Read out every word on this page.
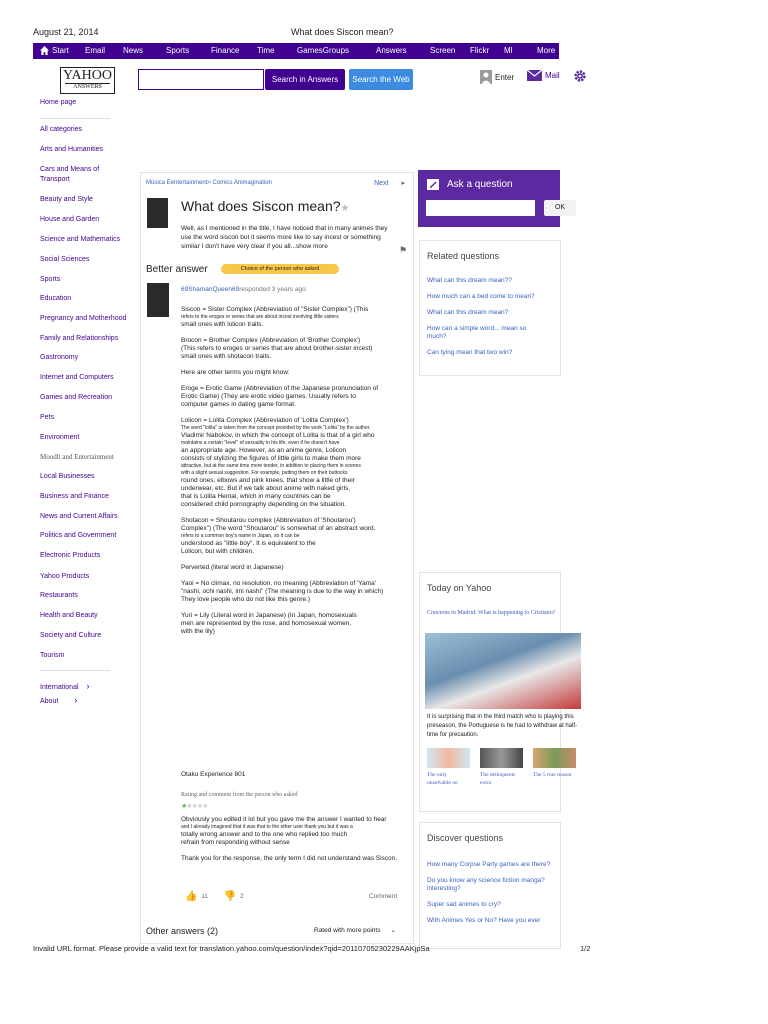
August 21, 2014	What does Siscon mean?
Start Email News	Sports	Finance Time	GamesGroups	Answers	Screen Flickr Ml	More
YAHOO
ANSWERS
Search in Answers	Search the Web	Enter	Mail
Home page
All categories
Arts and Humanities
Cars and Means of Transport
Beauty and Style
House and Garden
Science and Mathematics
Social Sciences
Sports
Education
Pregnancy and Motherhood
Family and Relationships
Gastronomy
Internet and Computers
Games and Recreation
Pets
Environment
Moodlt and Entertainment
Local Businesses
Business and Finance
News and Current Affairs
Politics and Government
Electronic Products
Yahoo Products
Restaurants
Health and Beauty
Society and Culture
Tourism
International ›
About ›
Música Eentertainment> Comics Animagination	Next ▸
What does Siscon mean?★
Well, as I mentioned in the title, I have noticed that in many animes they use the word siscon but it seems more like to say incest or something similar I don't have very clear if you all...show more	⚑
Better answer	Choice of the person who asked
69ShamanQueen69responded 3 years ago

Siscon = Sister Complex (Abbreviation of "Sister Complex") (This
refers to the eroges or series that are about incest involving little sisters
small ones with lolicon traits.

Brocon = Brother Complex (Abbreviation of 'Brother Complex')
(This refers to eroges or series that are about brother-sister incest)
small ones with shotacon traits.

Here are other terms you might know:

Eroge = Erotic Game (Abbreviation of the Japanese pronunciation of
Erotic Game) (They are erotic video games. Usually refers to
computer games in dating game format.

Lolicon = Lolita Complex (Abbreviation of 'Lolita Complex')
The word "lolita" is taken from the concept provided by the work "Lolita" by the author.
Vladimir Nabokov, in which the concept of Lolita is that of a girl who
maintains a certain "level" of sexuality in his life, even if he doesn't have
an appropriate age. However, as an anime genre, Lolicon
consists of stylizing the figures of little girls to make them more
attractive, but at the same time more tender, in addition to placing them in scenes
with a slight sexual suggestion. For example, putting them on their buttocks
round ones, elbows and pink knees, that show a little of their
underwear, etc. But if we talk about anime with naked girls,
that is Lolita Hentai, which in many countries can be
considered child pornography depending on the situation.

Shotacon = Shoutarou complex (Abbreviation of 'Shoutarou')
Complex") (The word "Shoutarou" is somewhat of an abstract word.
refers to a common boy's name in Japan, so it can be
understood as "little boy". It is equivalent to the
Lolicon, but with children.

Perverted (literal word in Japanese)

Yaoi = No climax, no resolution, no meaning (Abbreviation of 'Yama'
"nashi, ochi nashi, imi nashi" (The meaning is due to the way in which)
They love people who do not like this genre.)

Yuri = Lily (Literal word in Japanese) (In Japan, homosexuals
men are represented by the rose, and homosexual women,
with the lily)

Otaku Experience 801
Rating and comment from the person who asked
★★★★★

Obviously you edited it lol but you gave me the answer I wanted to hear
and I already imagined that it was that to the other user thank you but it was a
totally wrong answer and to the one who replied too much
refrain from responding without sense

Thank you for the response, the only term I did not understand was Siscon.

👍 11 👎 2	Comment
Other answers (2)	Rated with more points ⌄
Ask a question
OK
Related questions
What can this dream mean??
How much can a bed come to mean?
What can this dream mean?
How can a simple word... mean so much?
Can tying mean that two win?
Today on Yahoo
Concerns in Madrid: What is happening to Cristiano?
It is surprising that in the third match who is playing this preseason, the Portuguese is he had to withdraw at half-time for precaution.
The only unsolvable no
The delinquents extra
The 5 true reason
Discover questions
How many Corpse Party games are there?
Do you know any science fiction manga? interesting?
Super sad animes to cry?
With Animes Yes or No? Have you ever
Invalid URL format. Please provide a valid text for translation.yahoo.com/question/index?qid=20110705230229AAKjpSa	1/2
